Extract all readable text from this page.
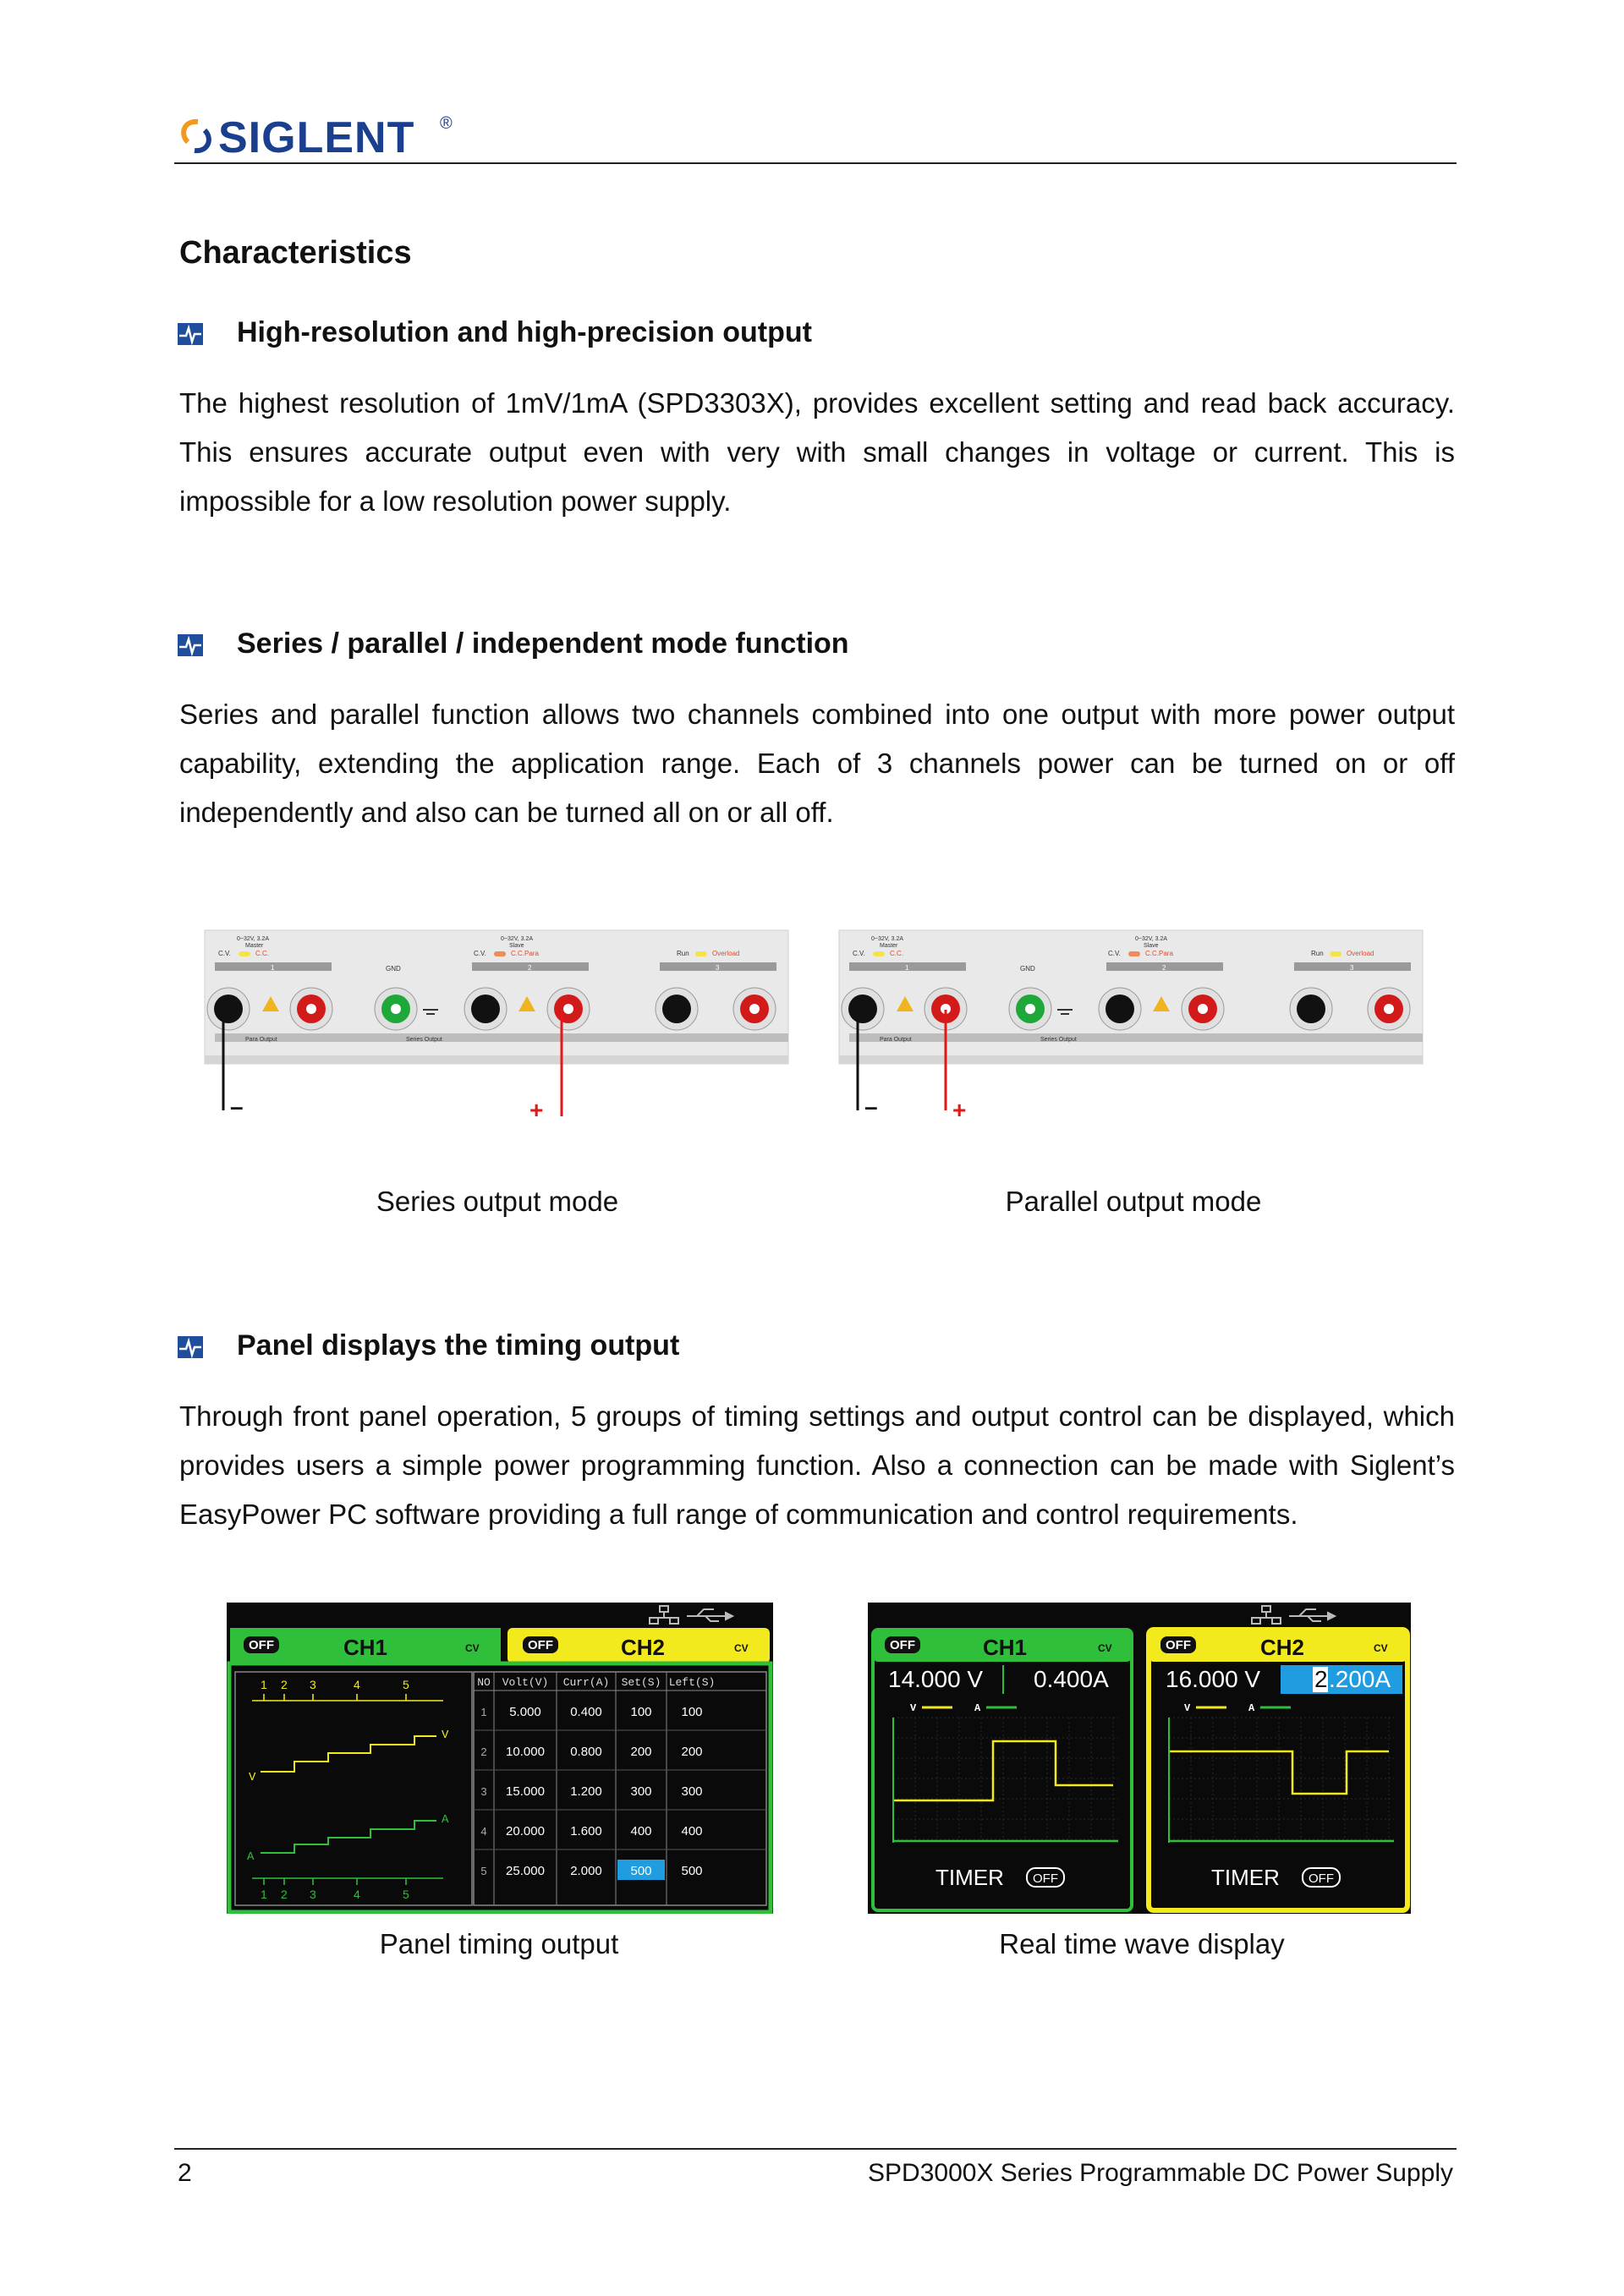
SIGLENT ®
Characteristics
High-resolution and high-precision output

The highest resolution of 1mV/1mA (SPD3303X), provides excellent setting and read back accuracy. This ensures accurate output even with very with small changes in voltage or current. This is impossible for a low resolution power supply.

Series / parallel / independent mode function

Series and parallel function allows two channels combined into one output with more power output capability, extending the application range. Each of 3 channels power can be turned on or off independently and also can be turned all on or all off.

0~32V, 3.2A
Master
C.V.	C.C.
0~32V, 3.2A
Slave
C.V.	C.C.Para	Run	Overload
1	2	3
GND
Para Output	Series Output
–	+
Series output mode
0~32V, 3.2A
Master
C.V.	C.C.
0~32V, 3.2A
Slave
C.V.	C.C.Para	Run	Overload
1	2	3
GND
Para Output	Series Output
–	+
Parallel output mode
Panel displays the timing output

Through front panel operation, 5 groups of timing settings and output control can be displayed, which provides users a simple power programming function. Also a connection can be made with Siglent’s EasyPower PC software providing a full range of communication and control requirements.

OFF	CH1	CV	OFF	CH2	CV
1
1
2
2
3
3
4
4
5
5
V
V
A
A
NO Volt(V) Curr(A) Set(S) Left(S)
1 5.000 0.400 100 100
2 10.000 0.800 200 200
3 15.000 1.200 300 300
4 20.000 1.600 400 400
5 25.000 2.000 500 500
Panel timing output
OFF	CH1	CV
14.000 V 0.400A
V	A
TIMER OFF
OFF	CH2	CV
16.000 V 2 .200A
V	A
TIMER OFF
Real time wave display
2	SPD3000X Series Programmable DC Power Supply
